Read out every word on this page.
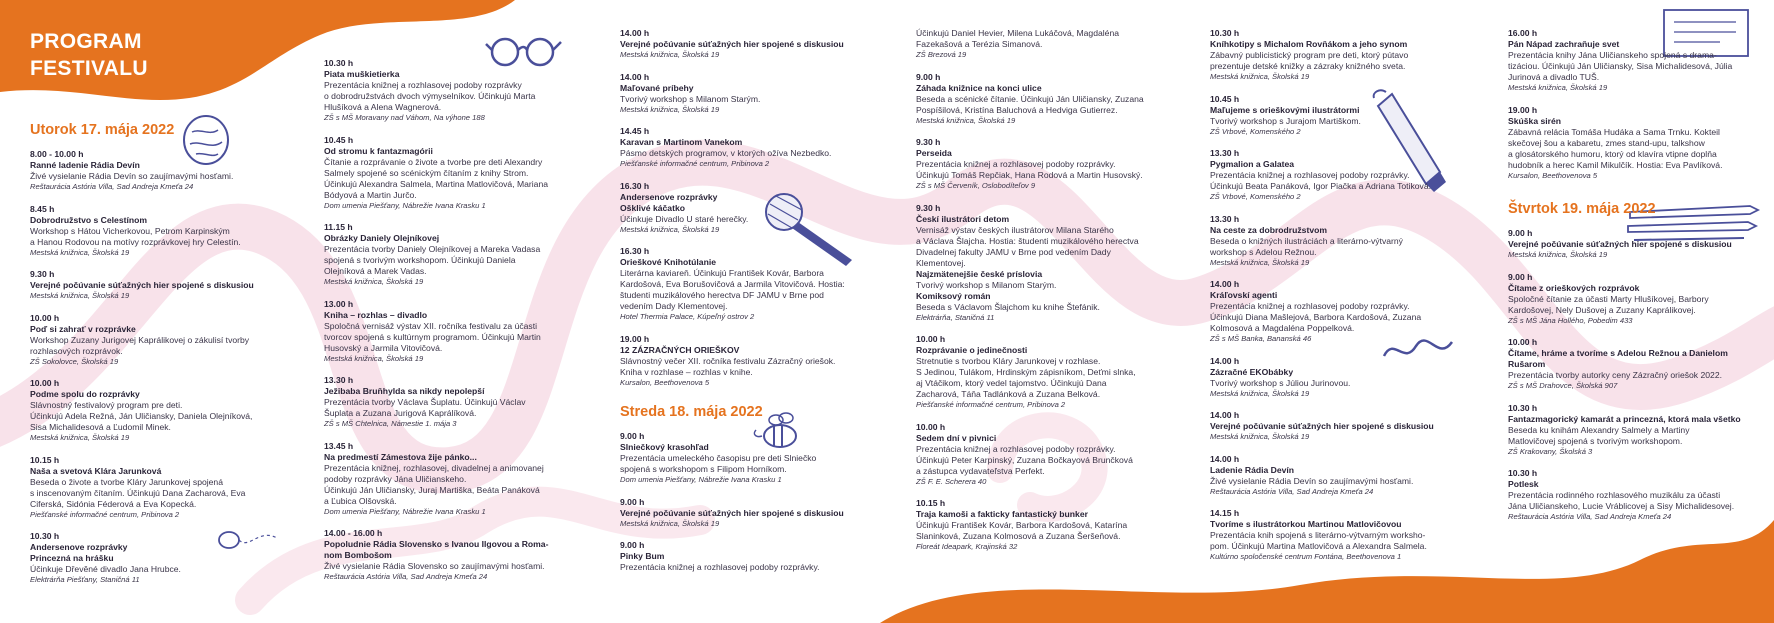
PROGRAM
FESTIVALU
Utorok 17. mája 2022
8.00 - 10.00 h
Ranné ladenie Rádia Devín
Živé vysielanie Rádia Devín so zaujímavými hosťami.
Reštaurácia Astória Villa, Sad Andreja Kmeťa 24
8.45 h
Dobrodružstvo s Celestínom
Workshop s Hátou Vicherkovou, Petrom Karpinským
a Hanou Rodovou na motívy rozprávkovej hry Celestín.
Mestská knižnica, Školská 19
9.30 h
Verejné počúvanie súťažných hier spojené s diskusiou
Mestská knižnica, Školská 19
10.00 h
Poď si zahrať v rozprávke
Workshop Zuzany Jurigovej Kaprálikovej o zákulisí tvorby
rozhlasových rozprávok.
ZŠ Sokolovce, Školská 19
10.00 h
Podme spolu do rozprávky
Slávnostný festivalový program pre deti.
Účinkujú Adela Režná, Ján Uličiansky, Daniela Olejníková,
Sisa Michalidesová a Ľudomil Minek.
Mestská knižnica, Školská 19
10.15 h
Naša a svetová Klára Jarunková
Beseda o živote a tvorbe Kláry Jarunkovej spojená
s inscenovaným čítaním. Účinkujú Dana Zacharová, Eva
Ciferská, Sidónia Féderová a Eva Kopecká.
Piešťanské informačné centrum, Pribinova 2
10.30 h
Andersenove rozprávky
Princezná na hrášku
Účinkuje Dřevěné divadlo Jana Hrubce.
Elektrárňa Piešťany, Staničná 11
10.30 h
Piata muškietierka
Prezentácia knižnej a rozhlasovej podoby rozprávky
o dobrodružstvách dvoch výmyselníkov. Účinkujú Marta
Hlušíková a Alena Wagnerová.
ZŠ s MŠ Moravany nad Váhom, Na výhone 188
10.45 h
Od stromu k fantazmagórii
Čítanie a rozprávanie o živote a tvorbe pre deti Alexandry
Salmely spojené so scénickým čítaním z knihy Strom.
Účinkujú Alexandra Salmela, Martina Matlovičová, Mariana
Bódyová a Martin Jurčo.
Dom umenia Piešťany, Nábrežie Ivana Krasku 1
11.15 h
Obrázky Daniely Olejníkovej
Prezentácia tvorby Daniely Olejníkovej a Mareka Vadasa
spojená s tvorivým workshopom. Účinkujú Daniela
Olejníková a Marek Vadas.
Mestská knižnica, Školská 19
13.00 h
Kniha – rozhlas – divadlo
Spoločná vernisáž výstav XII. ročníka festivalu za účasti
tvorcov spojená s kultúrnym programom. Účinkujú Martin
Husovský a Jarmila Vitovičová.
Mestská knižnica, Školská 19
13.30 h
Ježibaba Bruňhylda sa nikdy nepolepší
Prezentácia tvorby Václava Šuplatu. Účinkujú Václav
Šuplata a Zuzana Jurigová Kaprálíková.
ZŠ s MŠ Chtelnica, Námestie 1. mája 3
13.45 h
Na predmestí Zámestova žije pánko...
Prezentácia knižnej, rozhlasovej, divadelnej a animovanej
podoby rozprávky Jána Uličianskeho.
Účinkujú Ján Uličiansky, Juraj Martiška, Beáta Panáková
a Ľubica Olšovská.
Dom umenia Piešťany, Nábrežie Ivana Krasku 1
14.00 - 16.00 h
Popoludnie Rádia Slovensko s Ivanou Ilgovou a Roma-
nom Bombošom
Živé vysielanie Rádia Slovensko so zaujímavými hosťami.
Reštaurácia Astória Villa, Sad Andreja Kmeťa 24
14.00 h
Verejné počúvanie súťažných hier spojené s diskusiou
Mestská knižnica, Školská 19
14.00 h
Maľované príbehy
Tvorivý workshop s Milanom Starým.
Mestská knižnica, Školská 19
14.45 h
Karavan s Martinom Vanekom
Pásmo detských programov, v ktorých ožíva Nezbedko.
Piešťanské informačné centrum, Pribinova 2
16.30 h
Andersenove rozprávky
Ošklivé káčatko
Účinkuje Divadlo U staré herečky.
Mestská knižnica, Školská 19
16.30 h
Orieškové Knihotúlanie
Literárna kaviareň. Účinkujú František Kovár, Barbora
Kardošová, Eva Borušovičová a Jarmila Vitovičová. Hostia:
študenti muzikálového herectva DF JAMU v Brne pod
vedením Dady Klementovej.
Hotel Thermia Palace, Kúpeľný ostrov 2
19.00 h
12 ZÁZRAČNÝCH ORIEŠKOV
Slávnostný večer XII. ročníka festivalu Zázračný oriešok.
Kniha v rozhlase – rozhlas v knihe.
Kursalon, Beethovenova 5
Streda 18. mája 2022
9.00 h
Slniečkový krasohľad
Prezentácia umeleckého časopisu pre deti Slniečko
spojená s workshopom s Filipom Horníkom.
Dom umenia Piešťany, Nábrežie Ivana Krasku 1
9.00 h
Verejné počúvanie súťažných hier spojené s diskusiou
Mestská knižnica, Školská 19
9.00 h
Pinky Bum
Prezentácia knižnej a rozhlasovej podoby rozprávky.
Účinkujú Daniel Hevier, Milena Lukáčová, Magdaléna
Fazekašová a Terézia Simanová.
ZŠ Brezová 19
9.00 h
Záhada knižnice na konci ulice
Beseda a scénické čítanie. Účinkujú Ján Uličiansky, Zuzana
Pospíšilová, Kristína Baluchová a Hedviga Gutierrez.
Mestská knižnica, Školská 19
9.30 h
Perseida
Prezentácia knižnej a rozhlasovej podoby rozprávky.
Účinkujú Tomáš Repčiak, Hana Rodová a Martin Husovský.
ZŠ s MŠ Červeník, Oslobodíteľov 9
9.30 h
Českí ilustrátori detom
Vernisáž výstav českých ilustrátorov Milana Starého
a Václava Šlajcha. Hostia: študenti muzikálového herectva
Divadelnej fakulty JAMU v Brne pod vedením Dady
Klementovej.
Najzmätenejšie české príslovia
Tvorivý workshop s Milanom Starým.
Komiksový román
Beseda s Václavom Šlajchom ku knihe Štefánik.
Elektrárňa, Staničná 11
10.00 h
Rozprávanie o jedinečnosti
Stretnutie s tvorbou Kláry Jarunkovej v rozhlase.
S Jedinou, Tulákom, Hrdinským zápisníkom, Deťmi slnka,
aj Vtáčikom, ktorý vedel tajomstvo. Účinkujú Dana
Zacharová, Táňa Tadlánková a Zuzana Belková.
Piešťanské informačné centrum, Pribinova 2
10.00 h
Sedem dní v pivnici
Prezentácia knižnej a rozhlasovej podoby rozprávky.
Účinkujú Peter Karpinský, Zuzana Bočkayová Brunčková
a zástupca vydavateľstva Perfekt.
ZŠ F. E. Scherera 40
10.15 h
Traja kamoši a fakticky fantastický bunker
Účinkujú František Kovár, Barbora Kardošová, Katarína
Slaninková, Zuzana Kolmosová a Zuzana Šeršeňová.
Floreát Ideapark, Krajinská 32
10.30 h
Kníhkotipy s Michalom Rovňákom a jeho synom
Zábavný publicistický program pre deti, ktorý pútavo
prezentuje detské knižky a zázraky knižného sveta.
Mestská knižnica, Školská 19
10.45 h
Maľujeme s orieškovými ilustrátormi
Tvorivý workshop s Jurajom Martiškom.
ZŠ Vrbové, Komenského 2
13.30 h
Pygmalion a Galatea
Prezentácia knižnej a rozhlasovej podoby rozprávky.
Účinkujú Beata Panáková, Igor Piačka a Adriana Totiková.
ZŠ Vrbové, Komenského 2
13.30 h
Na ceste za dobrodružstvom
Beseda o knižných ilustráciách a literárno-výtvarný
workshop s Adelou Režnou.
Mestská knižnica, Školská 19
14.00 h
Kráľovskí agenti
Prezentácia knižnej a rozhlasovej podoby rozprávky.
Účinkujú Diana Mašlejová, Barbora Kardošová, Zuzana
Kolmosová a Magdaléna Poppelková.
ZŠ s MŠ Banka, Bananská 46
14.00 h
Zázračné EKObábky
Tvorivý workshop s Júliou Jurinovou.
Mestská knižnica, Školská 19
14.00 h
Verejné počúvanie súťažných hier spojené s diskusiou
Mestská knižnica, Školská 19
14.00 h
Ladenie Rádia Devín
Živé vysielanie Rádia Devín so zaujímavými hosťami.
Reštaurácia Astória Villa, Sad Andreja Kmeťa 24
14.15 h
Tvoríme s ilustrátorkou Martinou Matlovičovou
Prezentácia knih spojená s literárno-výtvarným worksho-
pom. Účinkujú Martina Matlovičová a Alexandra Salmela.
Kultúrno spoločenské centrum Fontána, Beethovenova 1
16.00 h
Pán Nápad zachraňuje svet
Prezentácia knihy Jána Uličianskeho spojená s drama-
tizáciou. Účinkujú Ján Uličiansky, Sisa Michalidesová, Júlia
Jurinová a divadlo TUŠ.
Mestská knižnica, Školská 19
19.00 h
Skúška sirén
Zábavná relácia Tomáša Hudáka a Sama Trnku. Kokteil
skečovej šou a kabaretu, zmes stand-upu, talkshow
a glosátorského humoru, ktorý od klavíra vtipne doplňa
hudobník a herec Kamil Mikulčík. Hostia: Eva Pavlíková.
Kursalon, Beethovenova 5
Štvrtok 19. mája 2022
9.00 h
Verejné počúvanie súťažných hier spojené s diskusiou
Mestská knižnica, Školská 19
9.00 h
Čítame z orieškových rozprávok
Spoločné čítanie za účasti Marty Hlušíkovej, Barbory
Kardošovej, Nely Dušovej a Zuzany Kaprálikovej.
ZŠ s MŠ Jána Hollého, Pobedim 433
10.00 h
Čítame, hráme a tvoríme s Adelou Režnou a Danielom
Rušarom
Prezentácia tvorby autorky ceny Zázračný oriešok 2022.
ZŠ s MŠ Drahovce, Školská 907
10.30 h
Fantazmagorický kamarát a princezná, ktorá mala všetko
Beseda ku knihám Alexandry Salmely a Martiny
Matlovičovej spojená s tvorivým workshopom.
ZŠ Krakovany, Školská 3
10.30 h
Potlesk
Prezentácia rodinného rozhlasového muzikálu za účasti
Jána Uličianskeho, Lucie Vráblicovej a Sisy Michalidesovej.
Reštaurácia Astória Villa, Sad Andreja Kmeťa 24
